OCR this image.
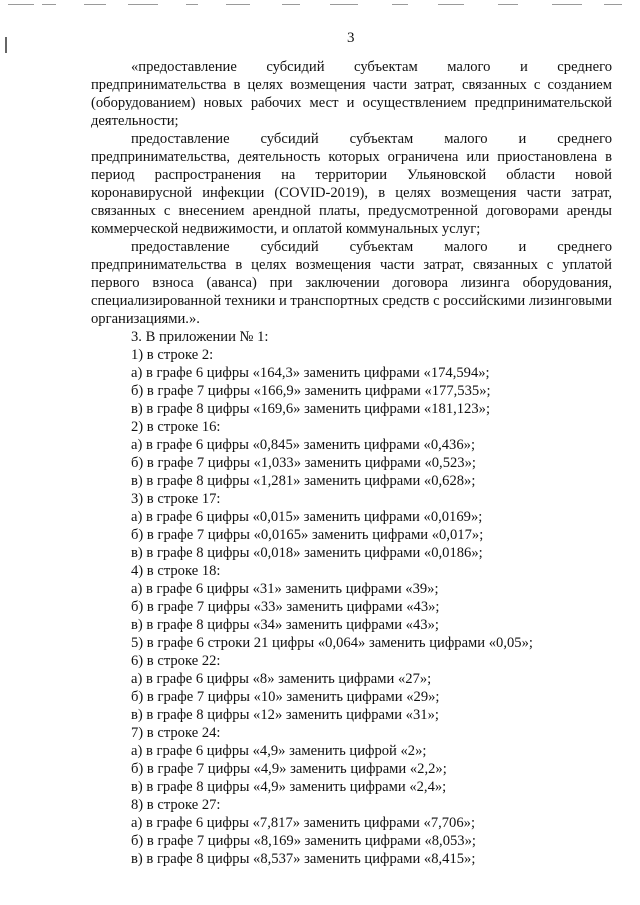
3

«предоставление субсидий субъектам малого и среднего предпринимательства в целях возмещения части затрат, связанных с созданием (оборудованием) новых рабочих мест и осуществлением предпринимательской деятельности;

предоставление субсидий субъектам малого и среднего предпринимательства, деятельность которых ограничена или приостановлена в период распространения на территории Ульяновской области новой коронавирусной инфекции (COVID-2019), в целях возмещения части затрат, связанных с внесением арендной платы, предусмотренной договорами аренды коммерческой недвижимости, и оплатой коммунальных услуг;

предоставление субсидий субъектам малого и среднего предпринимательства в целях возмещения части затрат, связанных с уплатой первого взноса (аванса) при заключении договора лизинга оборудования, специализированной техники и транспортных средств с российскими лизинговыми организациями.».

3. В приложении № 1:
1) в строке 2:
а) в графе 6 цифры «164,3» заменить цифрами «174,594»;
б) в графе 7 цифры «166,9» заменить цифрами «177,535»;
в) в графе 8 цифры «169,6» заменить цифрами «181,123»;
2) в строке 16:
а) в графе 6 цифры «0,845» заменить цифрами «0,436»;
б) в графе 7 цифры «1,033» заменить цифрами «0,523»;
в) в графе 8 цифры «1,281» заменить цифрами «0,628»;
3) в строке 17:
а) в графе 6 цифры «0,015» заменить цифрами «0,0169»;
б) в графе 7 цифры «0,0165» заменить цифрами «0,017»;
в) в графе 8 цифры «0,018» заменить цифрами «0,0186»;
4) в строке 18:
а) в графе 6 цифры «31» заменить цифрами «39»;
б) в графе 7 цифры «33» заменить цифрами «43»;
в) в графе 8 цифры «34» заменить цифрами «43»;
5) в графе 6 строки 21 цифры «0,064» заменить цифрами «0,05»;
6) в строке 22:
а) в графе 6 цифры «8» заменить цифрами «27»;
б) в графе 7 цифры «10» заменить цифрами «29»;
в) в графе 8 цифры «12» заменить цифрами «31»;
7) в строке 24:
а) в графе 6 цифры «4,9» заменить цифрой «2»;
б) в графе 7 цифры «4,9» заменить цифрами «2,2»;
в) в графе 8 цифры «4,9» заменить цифрами «2,4»;
8) в строке 27:
а) в графе 6 цифры «7,817» заменить цифрами «7,706»;
б) в графе 7 цифры «8,169» заменить цифрами «8,053»;
в) в графе 8 цифры «8,537» заменить цифрами «8,415»;
